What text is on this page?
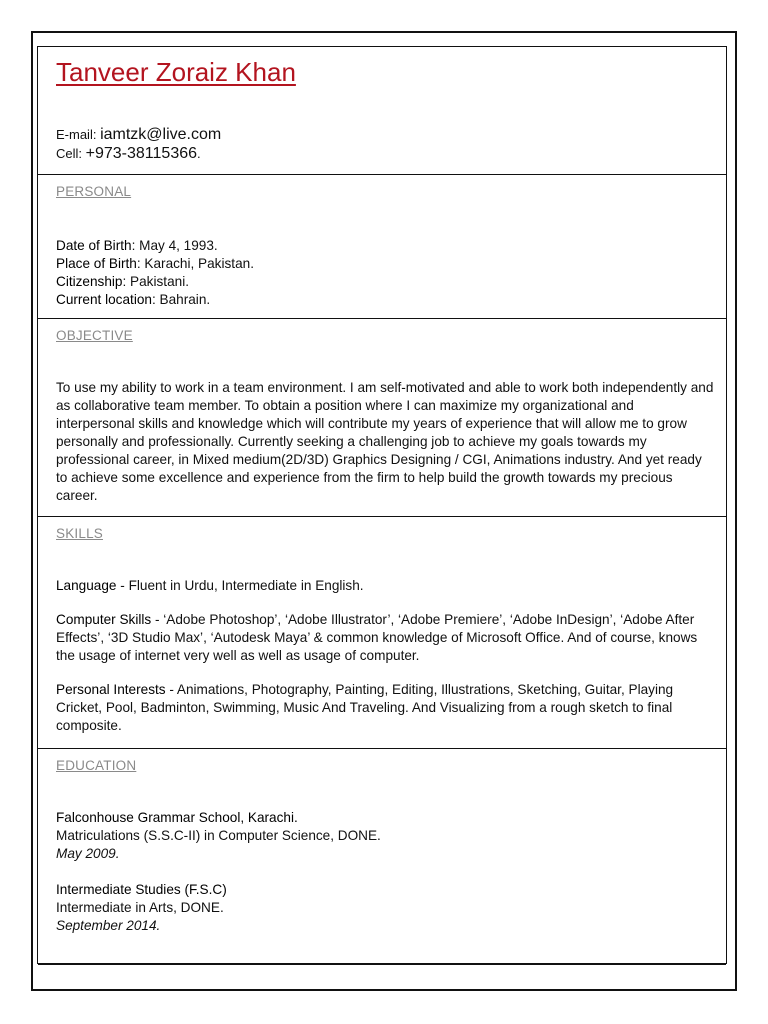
Tanveer Zoraiz Khan
E-mail: iamtzk@live.com
Cell: +973-38115366.
PERSONAL

Date of Birth: May 4, 1993.

Place of Birth: Karachi, Pakistan.

Citizenship: Pakistani.

Current location: Bahrain.

OBJECTIVE
To use my ability to work in a team environment. I am self-motivated and able to work both independently and as collaborative team member. To obtain a position where I can maximize my organizational and interpersonal skills and knowledge which will contribute my years of experience that will allow me to grow personally and professionally. Currently seeking a challenging job to achieve my goals towards my professional career, in Mixed medium(2D/3D) Graphics Designing / CGI, Animations industry. And yet ready to achieve some excellence and experience from the firm to help build the growth towards my precious career.
SKILLS

Language - Fluent in Urdu, Intermediate in English.

Computer Skills - ‘Adobe Photoshop’, ‘Adobe Illustrator’, ‘Adobe Premiere’, ‘Adobe InDesign’, ‘Adobe After Effects’, ‘3D Studio Max’, ‘Autodesk Maya’ & common knowledge of Microsoft Office. And of course, knows the usage of internet very well as well as usage of computer.

Personal Interests - Animations, Photography, Painting, Editing, Illustrations, Sketching, Guitar, Playing Cricket, Pool, Badminton, Swimming, Music And Traveling. And Visualizing from a rough sketch to final composite.

EDUCATION

Falconhouse Grammar School, Karachi.

Matriculations (S.S.C-II) in Computer Science, DONE.

May 2009.

Intermediate Studies (F.S.C)

Intermediate in Arts, DONE.

September 2014.
